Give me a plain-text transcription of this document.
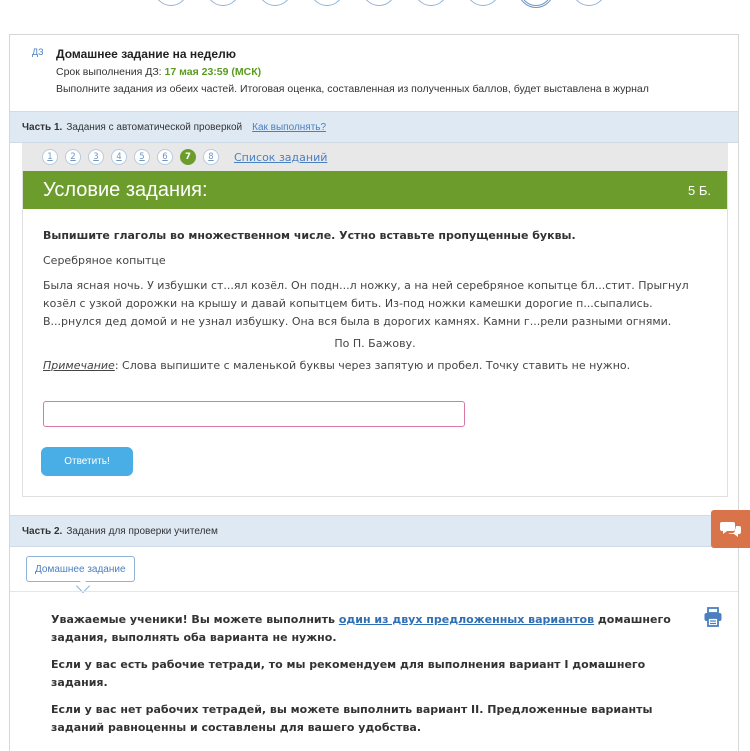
ДЗ Домашнее задание на неделю
Срок выполнения ДЗ: 17 мая 23:59 (МСК)
Выполните задания из обеих частей. Итоговая оценка, составленная из полученных баллов, будет выставлена в журнал
Часть 1. Задания с автоматической проверкой Как выполнять?
1	2	3	4	5	6	7	8	Список заданий
Условие задания:	5 Б.
Выпишите глаголы во множественном числе. Устно вставьте пропущенные буквы.
Серебряное копытце
Была ясная ночь. У избушки ст...ял козёл. Он подн...л ножку, а на ней серебряное копытце бл...стит. Прыгнул козёл с узкой дорожки на крышу и давай копытцем бить. Из-под ножки камешки дорогие п...сыпались. В...рнулся дед домой и не узнал избушку. Она вся была в дорогих камнях. Камни г...рели разными огнями.
По П. Бажову.
Примечание: Слова выпишите с маленькой буквы через запятую и пробел. Точку ставить не нужно.
Ответить!
Часть 2. Задания для проверки учителем
Домашнее задание

Уважаемые ученики! Вы можете выполнить один из двух предложенных вариантов домашнего задания, выполнять оба варианта не нужно.

Если у вас есть рабочие тетради, то мы рекомендуем для выполнения вариант I домашнего задания.

Если у вас нет рабочих тетрадей, вы можете выполнить вариант II. Предложенные варианты заданий равноценны и составлены для вашего удобства.
